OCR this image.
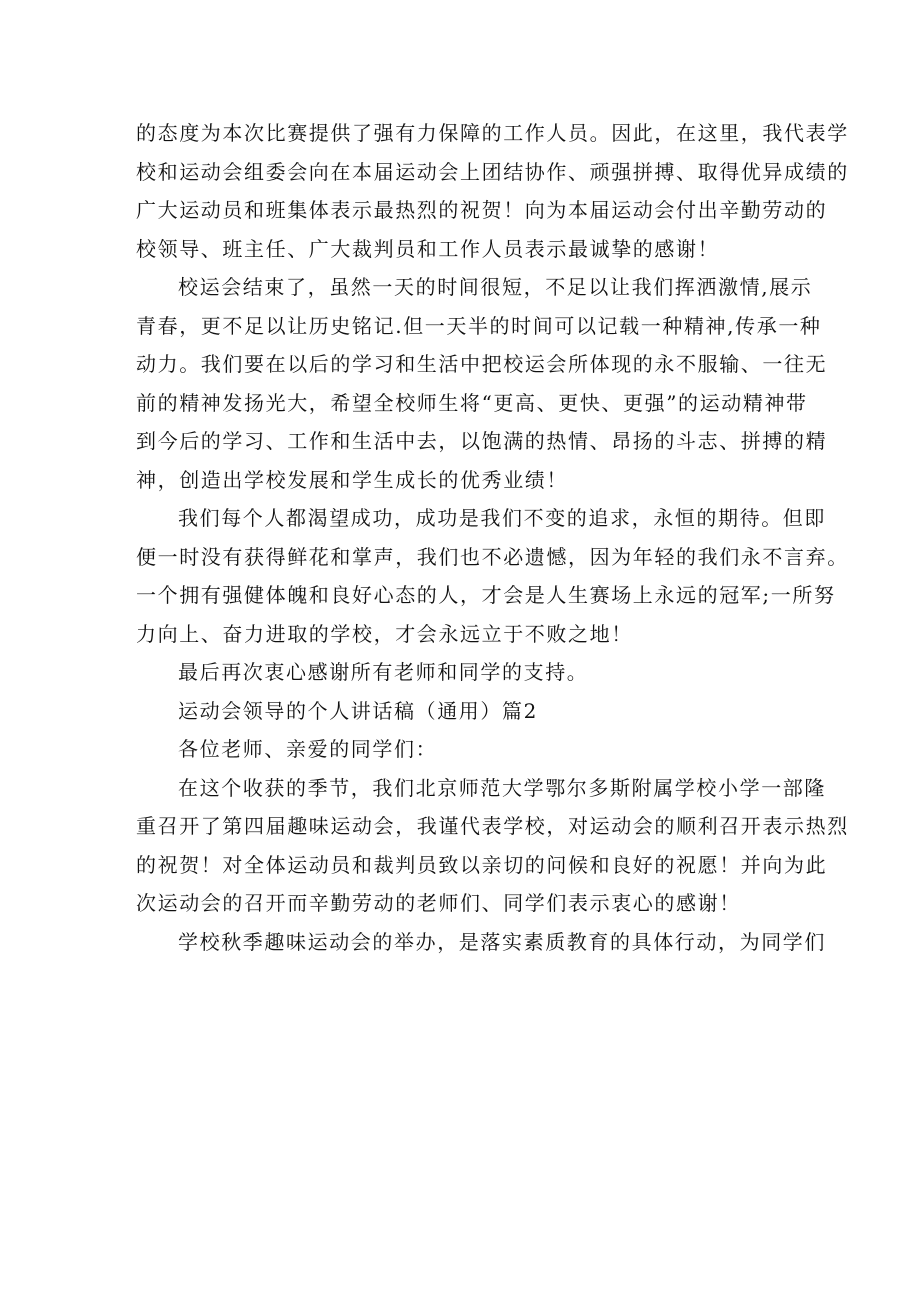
的态度为本次比赛提供了强有力保障的工作人员。因此，在这里，我代表学
校和运动会组委会向在本届运动会上团结协作、顽强拼搏、取得优异成绩的
广大运动员和班集体表示最热烈的祝贺！向为本届运动会付出辛勤劳动的
校领导、班主任、广大裁判员和工作人员表示最诚挚的感谢！
校运会结束了，虽然一天的时间很短，不足以让我们挥洒激情,展示
青春，更不足以让历史铭记.但一天半的时间可以记载一种精神,传承一种
动力。我们要在以后的学习和生活中把校运会所体现的永不服输、一往无
前的精神发扬光大，希望全校师生将“更高、更快、更强”的运动精神带
到今后的学习、工作和生活中去，以饱满的热情、昂扬的斗志、拼搏的精
神，创造出学校发展和学生成长的优秀业绩！
我们每个人都渴望成功，成功是我们不变的追求，永恒的期待。但即
便一时没有获得鲜花和掌声，我们也不必遗憾，因为年轻的我们永不言弃。
一个拥有强健体魄和良好心态的人，才会是人生赛场上永远的冠军;一所努
力向上、奋力进取的学校，才会永远立于不败之地！
最后再次衷心感谢所有老师和同学的支持。
运动会领导的个人讲话稿（通用）篇2
各位老师、亲爱的同学们：
在这个收获的季节，我们北京师范大学鄂尔多斯附属学校小学一部隆
重召开了第四届趣味运动会，我谨代表学校，对运动会的顺利召开表示热烈
的祝贺！对全体运动员和裁判员致以亲切的问候和良好的祝愿！并向为此
次运动会的召开而辛勤劳动的老师们、同学们表示衷心的感谢！
学校秋季趣味运动会的举办，是落实素质教育的具体行动，为同学们
